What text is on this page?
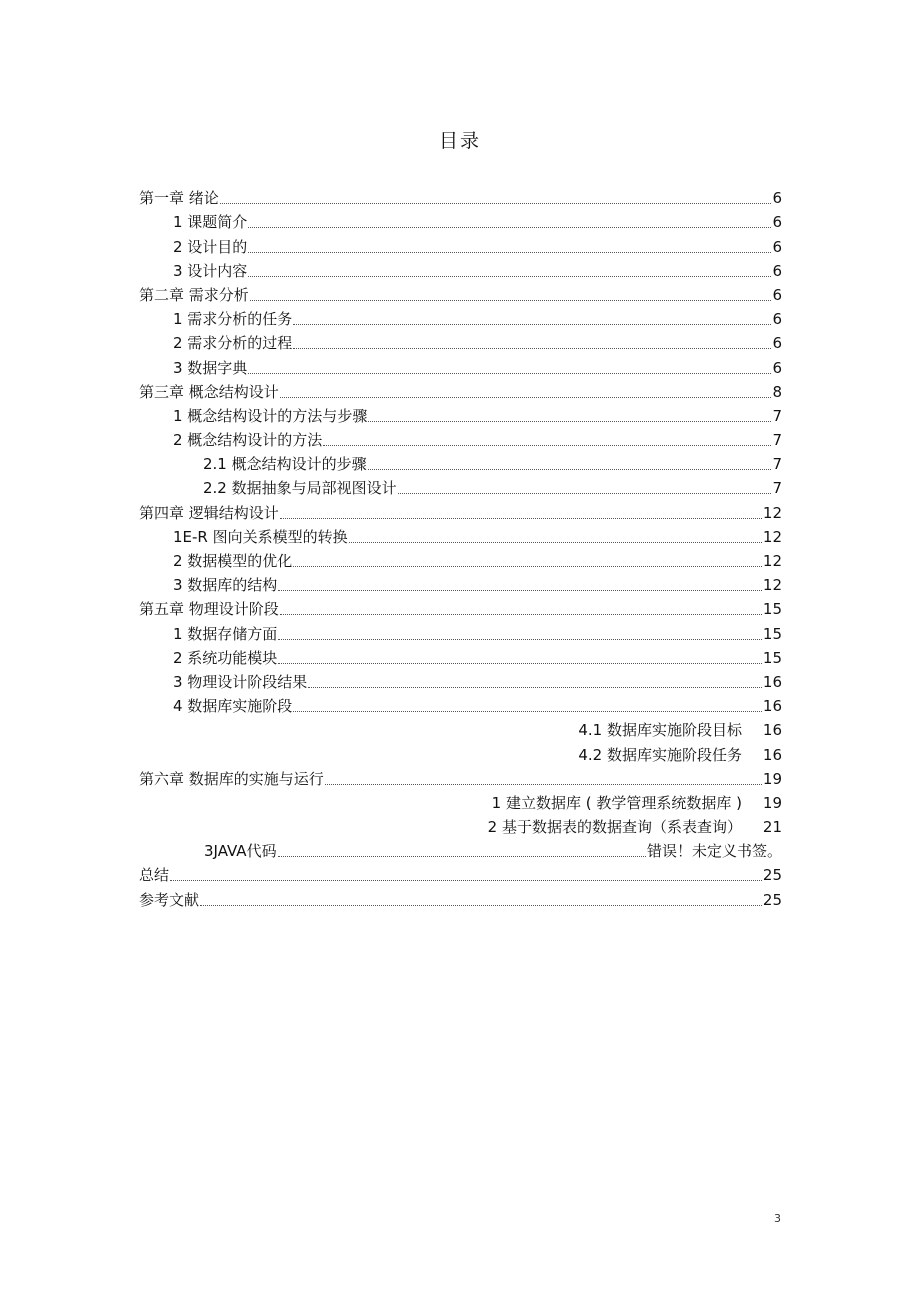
目录
第一章 绪论	6
1 课题简介	6
2 设计目的	6
3 设计内容	6
第二章 需求分析	6
1 需求分析的任务	6
2 需求分析的过程	6
3 数据字典	6
第三章 概念结构设计	8
1 概念结构设计的方法与步骤	7
2 概念结构设计的方法	7
2.1 概念结构设计的步骤	7
2.2 数据抽象与局部视图设计	7
第四章 逻辑结构设计	12
1E-R 图向关系模型的转换	12
2 数据模型的优化	12
3 数据库的结构	12
第五章 物理设计阶段	15
1 数据存储方面	15
2 系统功能模块	15
3 物理设计阶段结果	16
4 数据库实施阶段	16
4.1 数据库实施阶段目标 16
4.2 数据库实施阶段任务 16
第六章 数据库的实施与运行	19
1 建立数据库 ( 教学管理系统数据库 ) 19
2 基于数据表的数据查询（系表查询） 21
3JAVA代码	错误！未定义书签。
总结	25
参考文献	25
3
